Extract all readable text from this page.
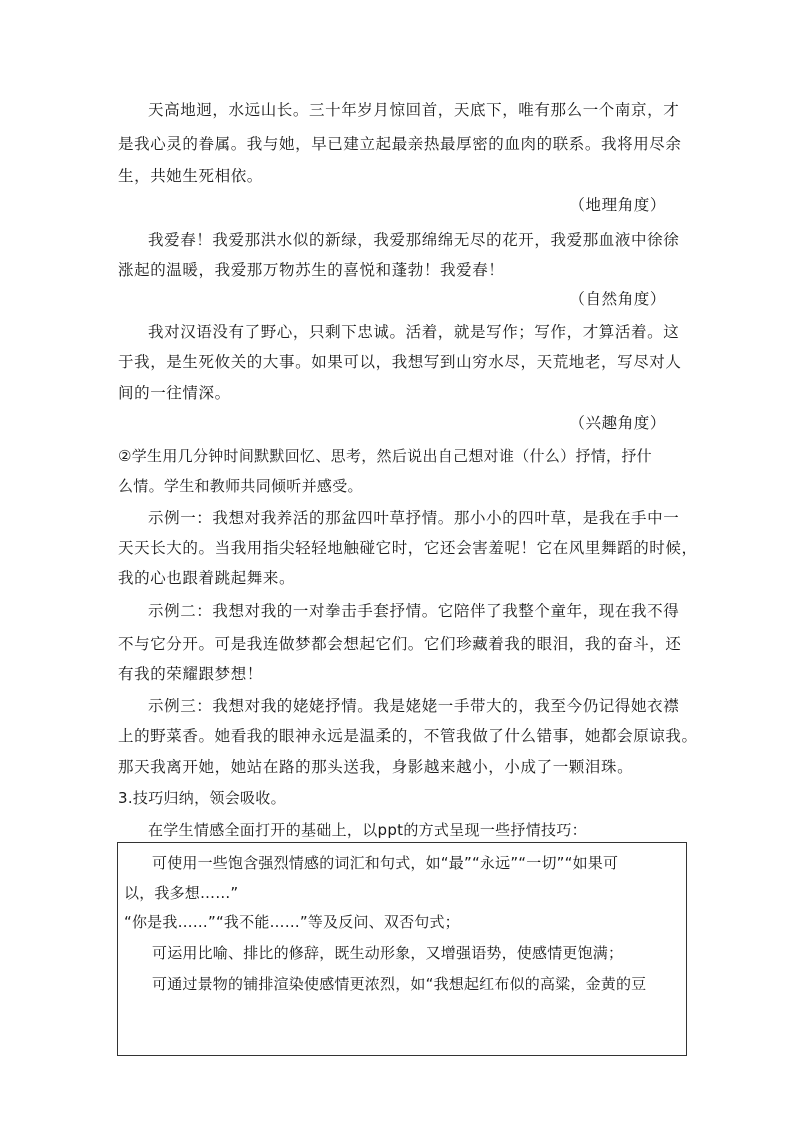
天高地迥，水远山长。三十年岁月惊回首，天底下，唯有那么一个南京，才
是我心灵的眷属。我与她，早已建立起最亲热最厚密的血肉的联系。我将用尽余
生，共她生死相依。
（地理角度）
我爱春！我爱那洪水似的新绿，我爱那绵绵无尽的花开，我爱那血液中徐徐
涨起的温暖，我爱那万物苏生的喜悦和蓬勃！我爱春！
（自然角度）
我对汉语没有了野心，只剩下忠诚。活着，就是写作；写作，才算活着。这
于我，是生死攸关的大事。如果可以，我想写到山穷水尽，天荒地老，写尽对人
间的一往情深。
（兴趣角度）
②学生用几分钟时间默默回忆、思考，然后说出自己想对谁（什么）抒情，抒什
么情。学生和教师共同倾听并感受。
示例一：我想对我养活的那盆四叶草抒情。那小小的四叶草，是我在手中一
天天长大的。当我用指尖轻轻地触碰它时，它还会害羞呢！它在风里舞蹈的时候，
我的心也跟着跳起舞来。
示例二：我想对我的一对拳击手套抒情。它陪伴了我整个童年，现在我不得
不与它分开。可是我连做梦都会想起它们。它们珍藏着我的眼泪，我的奋斗，还
有我的荣耀跟梦想！
示例三：我想对我的姥姥抒情。我是姥姥一手带大的，我至今仍记得她衣襟
上的野菜香。她看我的眼神永远是温柔的，不管我做了什么错事，她都会原谅我。
那天我离开她，她站在路的那头送我，身影越来越小，小成了一颗泪珠。
3.技巧归纳，领会吸收。
在学生情感全面打开的基础上，以ppt的方式呈现一些抒情技巧：
可使用一些饱含强烈情感的词汇和句式，如“最”“永远”“一切”“如果可
以，我多想……”
“你是我……”“我不能……”等及反问、双否句式；
可运用比喻、排比的修辞，既生动形象，又增强语势，使感情更饱满；
可通过景物的铺排渲染使感情更浓烈，如“我想起红布似的高粱，金黄的豆
